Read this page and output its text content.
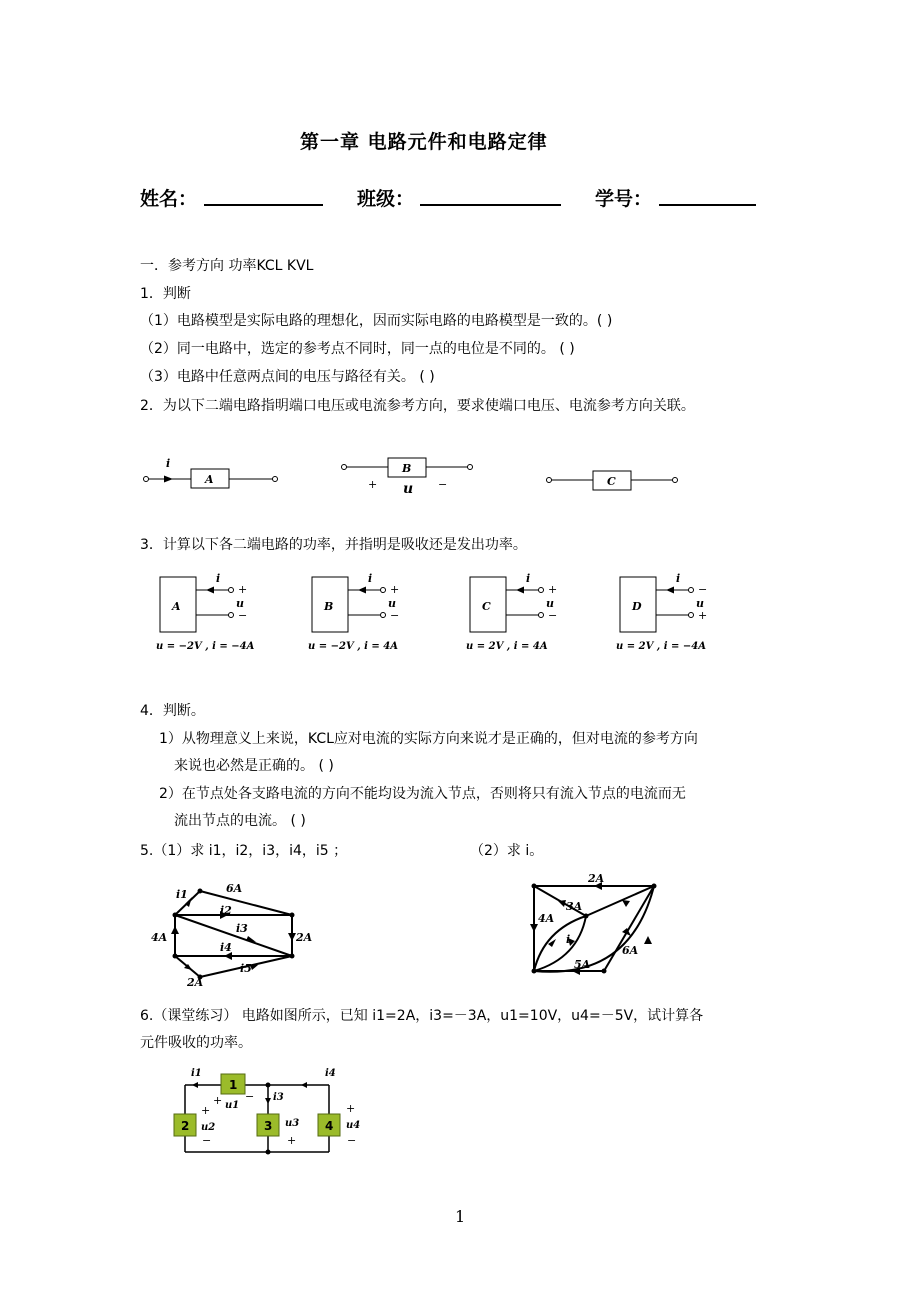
第一章 电路元件和电路定律
姓名：	班级：	学号：
一．参考方向 功率KCL KVL
1．判断
（1）电路模型是实际电路的理想化，因而实际电路的电路模型是一致的。( )
（2）同一电路中，选定的参考点不同时，同一点的电位是不同的。 ( )
（3）电路中任意两点间的电压与路径有关。 ( )
2．为以下二端电路指明端口电压或电流参考方向，要求使端口电压、电流参考方向关联。
i
A
B
+ u −	C
3．计算以下各二端电路的功率，并指明是吸收还是发出功率。
A
i
+
u
−
u = −2V , i = −4A
B
i
+
u
−
u = −2V , i = 4A
C
i
+
u
−
u = 2V , i = 4A
D
i
−
u
+
u = 2V , i = −4A
4．判断。
1）从物理意义上来说，KCL应对电流的实际方向来说才是正确的，但对电流的参考方向
来说也必然是正确的。 ( )
2）在节点处各支路电流的方向不能均设为流入节点，否则将只有流入节点的电流而无
流出节点的电流。 ( )
5.（1）求 i1，i2，i3，i4，i5 ；	（2）求 i。
i1	6A
i2
i3
i4
4A	2A
i5
2A
2A
3A
4A
i
5A
6A
6.（课堂练习） 电路如图所示，已知 i1=2A，i3=－3A，u1=10V，u4=－5V，试计算各
元件吸收的功率。
1
2	3	4
i1
i3
i4
+ u1
−
+
u2
−
u3
+
+
u4
−
1
